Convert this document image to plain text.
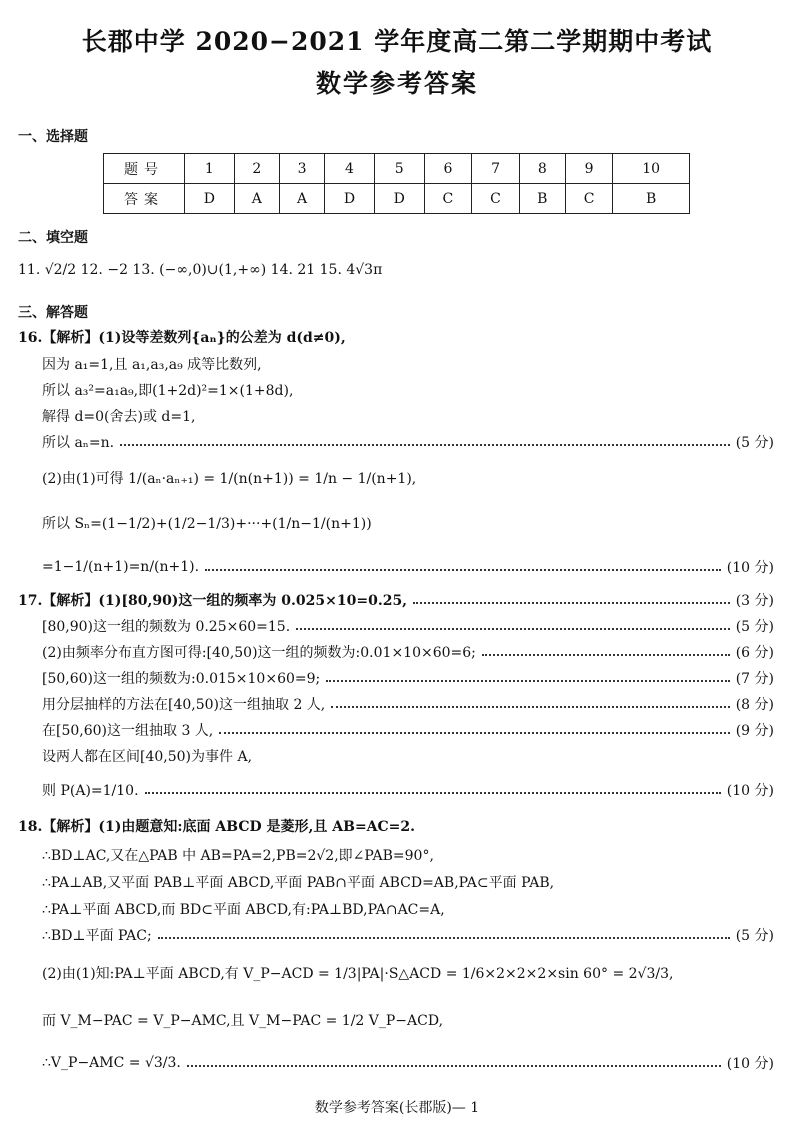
长郡中学 2020−2021 学年度高二第二学期期中考试
数学参考答案
一、选择题
题号	1	2	3	4	5	6	7	8	9	10
答案	D	A	A	D	D	C	C	B	C	B
二、填空题
11. √2/2 12. −2 13. (−∞,0)∪(1,+∞) 14. 21 15. 4√3π
三、解答题
16.【解析】(1)设等差数列{aₙ}的公差为 d(d≠0),
因为 a₁=1,且 a₁,a₃,a₉ 成等比数列,
所以 a₃²=a₁a₉,即(1+2d)²=1×(1+8d),
解得 d=0(舍去)或 d=1,
所以 aₙ=n.	(5 分)
(2)由(1)可得 1/(aₙ·aₙ₊₁) = 1/(n(n+1)) = 1/n − 1/(n+1),
所以 Sₙ=(1−1/2)+(1/2−1/3)+···+(1/n−1/(n+1))
=1−1/(n+1)=n/(n+1).	(10 分)
17.【解析】(1)[80,90)这一组的频率为 0.025×10=0.25,	(3 分)
[80,90)这一组的频数为 0.25×60=15.	(5 分)
(2)由频率分布直方图可得:[40,50)这一组的频数为:0.01×10×60=6;	(6 分)
[50,60)这一组的频数为:0.015×10×60=9;	(7 分)
用分层抽样的方法在[40,50)这一组抽取 2 人,	(8 分)
在[50,60)这一组抽取 3 人,	(9 分)
设两人都在区间[40,50)为事件 A,
则 P(A)=1/10.	(10 分)
18.【解析】(1)由题意知:底面 ABCD 是菱形,且 AB=AC=2.
∴BD⊥AC,又在△PAB 中 AB=PA=2,PB=2√2,即∠PAB=90°,
∴PA⊥AB,又平面 PAB⊥平面 ABCD,平面 PAB∩平面 ABCD=AB,PA⊂平面 PAB,
∴PA⊥平面 ABCD,而 BD⊂平面 ABCD,有:PA⊥BD,PA∩AC=A,
∴BD⊥平面 PAC;	(5 分)
(2)由(1)知:PA⊥平面 ABCD,有 V_P−ACD = 1/3|PA|·S△ACD = 1/6×2×2×2×sin 60° = 2√3/3,
而 V_M−PAC = V_P−AMC,且 V_M−PAC = 1/2 V_P−ACD,
∴V_P−AMC = √3/3.	(10 分)
数学参考答案(长郡版)— 1
